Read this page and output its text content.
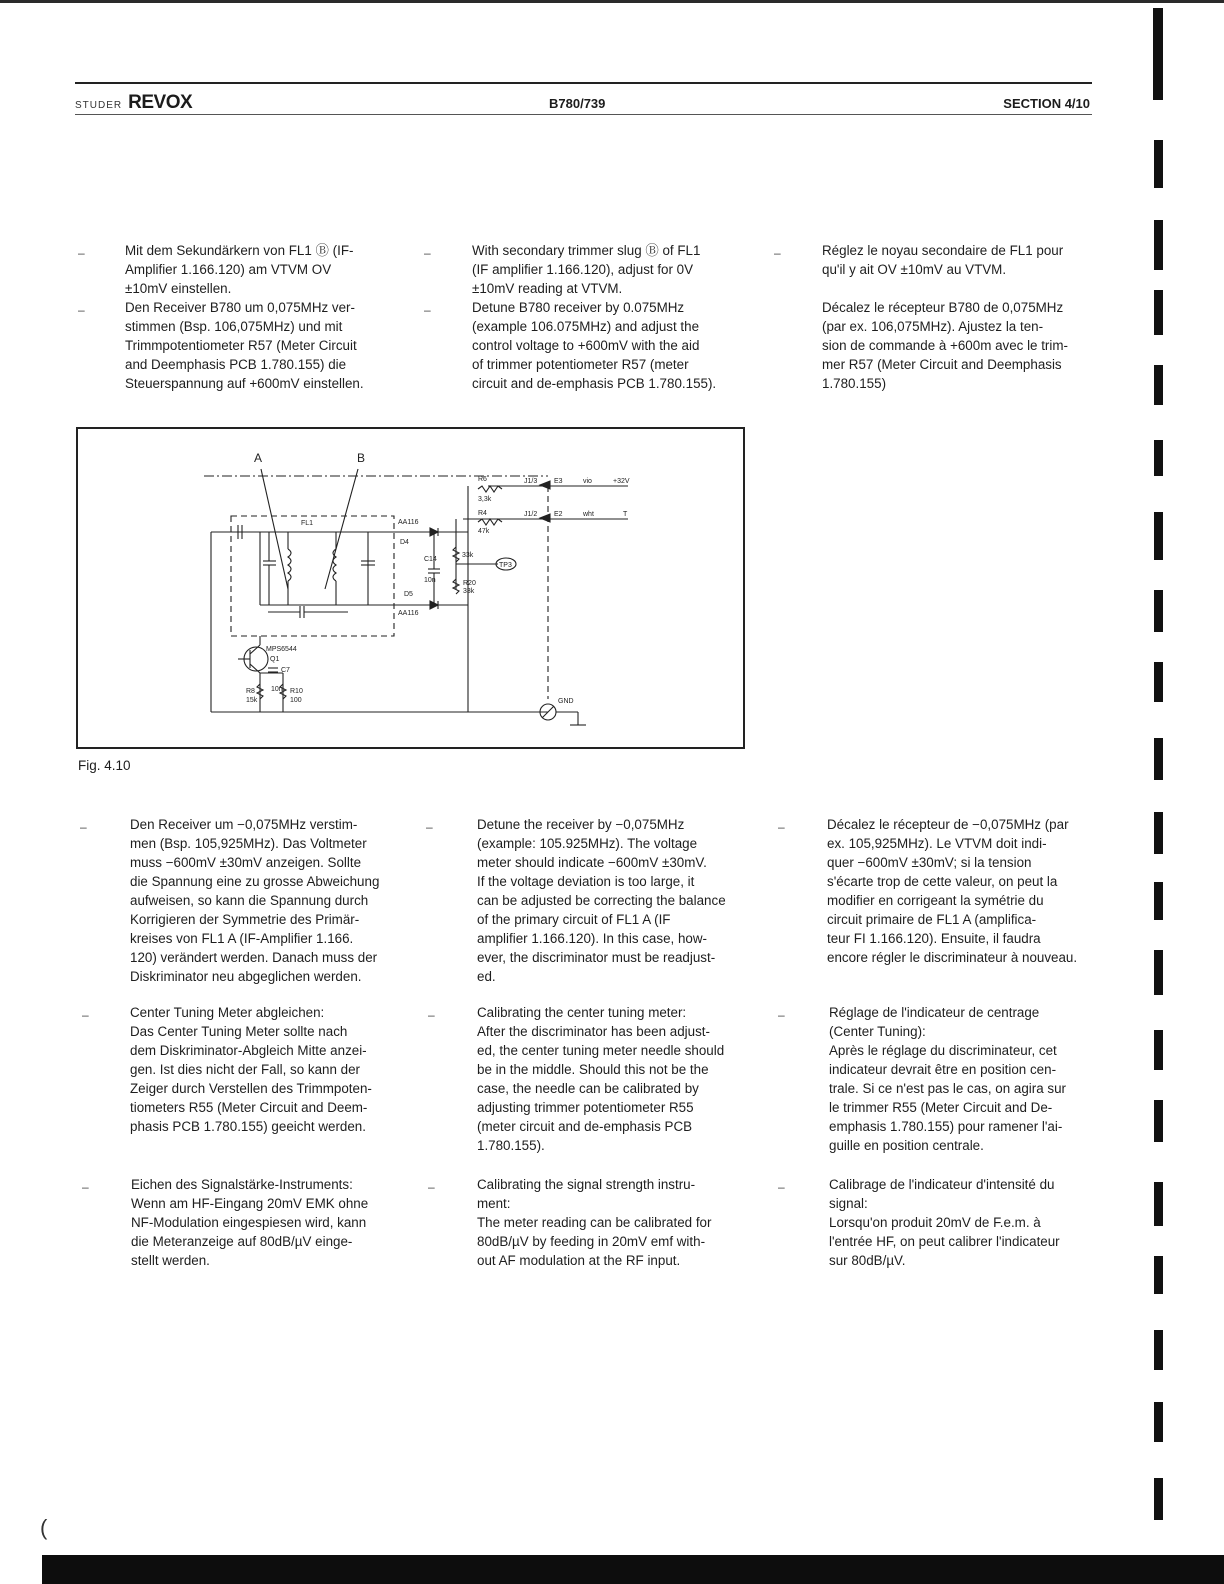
STUDER REVOX	B780/739	SECTION 4/10
–	Mit dem Sekundärkern von FL1 Ⓑ (IF-
Amplifier 1.166.120) am VTVM OV
±10mV einstellen.
–	Den Receiver B780 um 0,075MHz ver-
stimmen (Bsp. 106,075MHz) und mit
Trimmpotentiometer R57 (Meter Circuit
and Deemphasis PCB 1.780.155) die
Steuerspannung auf +600mV einstellen.
–	With secondary trimmer slug Ⓑ of FL1
(IF amplifier 1.166.120), adjust for 0V
±10mV reading at VTVM.
–	Detune B780 receiver by 0.075MHz
(example 106.075MHz) and adjust the
control voltage to +600mV with the aid
of trimmer potentiometer R57 (meter
circuit and de-emphasis PCB 1.780.155).
–	Réglez le noyau secondaire de FL1 pour
qu'il y ait OV ±10mV au VTVM.
Décalez le récepteur B780 de 0,075MHz
(par ex. 106,075MHz). Ajustez la ten-
sion de commande à +600m avec le trim-
mer R57 (Meter Circuit and Deemphasis
1.780.155)
A	B
FL1
R6
3,3k
J1/3 E3	vio	+32V
R4
47k
J1/2 E2	wht	T
AA116
D4
C14
10n
33k
TP3
R20
33k
D5
AA116
MPS6544
Q1
C7
10n
R8
15k
R10
100	GND
Fig. 4.10
–	Den Receiver um −0,075MHz verstim-
men (Bsp. 105,925MHz). Das Voltmeter
muss −600mV ±30mV anzeigen. Sollte
die Spannung eine zu grosse Abweichung
aufweisen, so kann die Spannung durch
Korrigieren der Symmetrie des Primär-
kreises von FL1 A (IF-Amplifier 1.166.
120) verändert werden. Danach muss der
Diskriminator neu abgeglichen werden.
–	Detune the receiver by −0,075MHz
(example: 105.925MHz). The voltage
meter should indicate −600mV ±30mV.
If the voltage deviation is too large, it
can be adjusted be correcting the balance
of the primary circuit of FL1 A (IF
amplifier 1.166.120). In this case, how-
ever, the discriminator must be readjust-
ed.
–	Décalez le récepteur de −0,075MHz (par
ex. 105,925MHz). Le VTVM doit indi-
quer −600mV ±30mV; si la tension
s'écarte trop de cette valeur, on peut la
modifier en corrigeant la symétrie du
circuit primaire de FL1 A (amplifica-
teur FI 1.166.120). Ensuite, il faudra
encore régler le discriminateur à nouveau.
–	Center Tuning Meter abgleichen:
Das Center Tuning Meter sollte nach
dem Diskriminator-Abgleich Mitte anzei-
gen. Ist dies nicht der Fall, so kann der
Zeiger durch Verstellen des Trimmpoten-
tiometers R55 (Meter Circuit and Deem-
phasis PCB 1.780.155) geeicht werden.
–	Calibrating the center tuning meter:
After the discriminator has been adjust-
ed, the center tuning meter needle should
be in the middle. Should this not be the
case, the needle can be calibrated by
adjusting trimmer potentiometer R55
(meter circuit and de-emphasis PCB
1.780.155).
–	Réglage de l'indicateur de centrage
(Center Tuning):
Après le réglage du discriminateur, cet
indicateur devrait être en position cen-
trale. Si ce n'est pas le cas, on agira sur
le trimmer R55 (Meter Circuit and De-
emphasis 1.780.155) pour ramener l'ai-
guille en position centrale.
–	Eichen des Signalstärke-Instruments:
Wenn am HF-Eingang 20mV EMK ohne
NF-Modulation eingespiesen wird, kann
die Meteranzeige auf 80dB/µV einge-
stellt werden.
–	Calibrating the signal strength instru-
ment:
The meter reading can be calibrated for
80dB/µV by feeding in 20mV emf with-
out AF modulation at the RF input.
–	Calibrage de l'indicateur d'intensité du
signal:
Lorsqu'on produit 20mV de F.e.m. à
l'entrée HF, on peut calibrer l'indicateur
sur 80dB/µV.
(
